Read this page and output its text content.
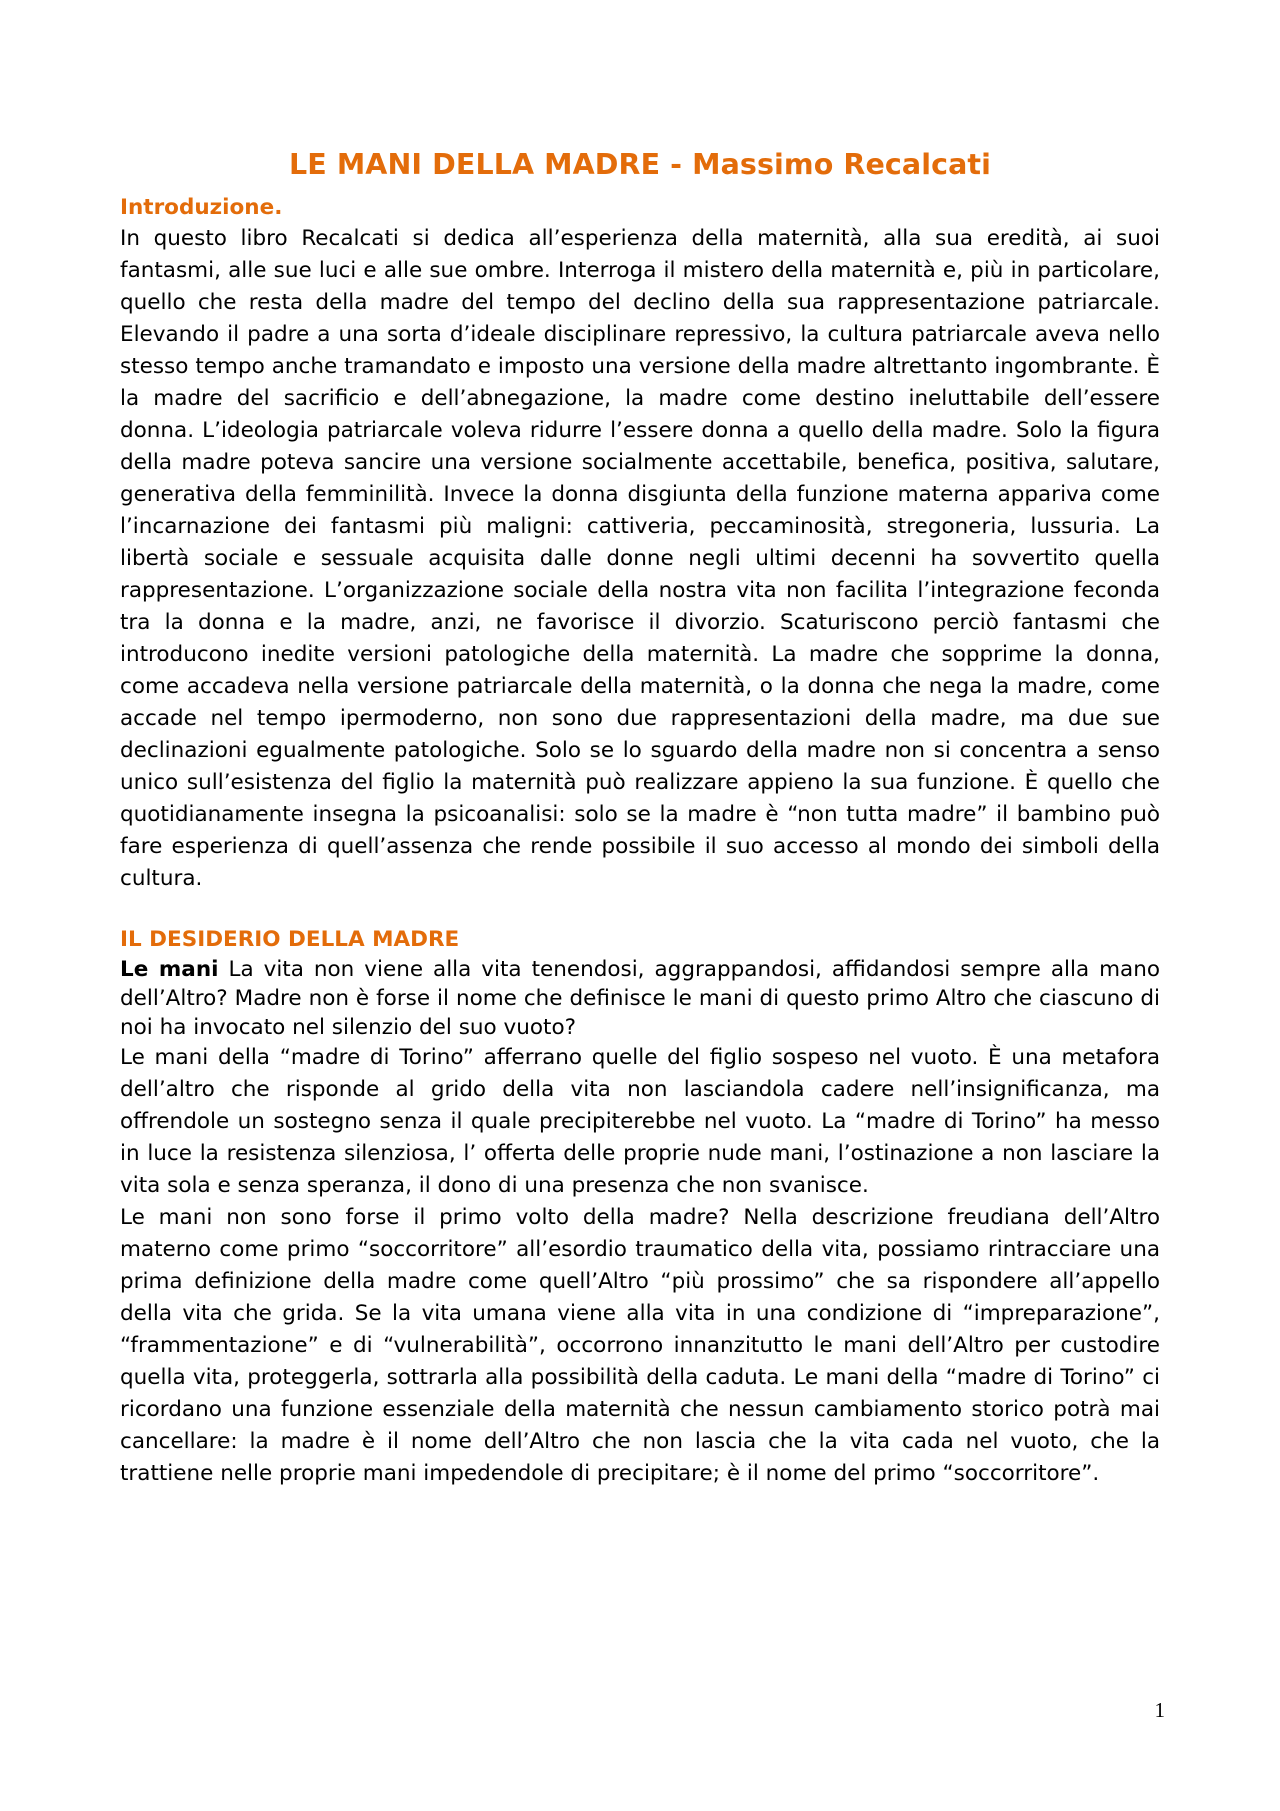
LE MANI DELLA MADRE - Massimo Recalcati
Introduzione.

In questo libro Recalcati si dedica all’esperienza della maternità, alla sua eredità, ai suoi fantasmi, alle sue luci e alle sue ombre. Interroga il mistero della maternità e, più in particolare, quello che resta della madre del tempo del declino della sua rappresentazione patriarcale. Elevando il padre a una sorta d’ideale disciplinare repressivo, la cultura patriarcale aveva nello stesso tempo anche tramandato e imposto una versione della madre altrettanto ingombrante. È la madre del sacrificio e dell’abnegazione, la madre come destino ineluttabile dell’essere donna. L’ideologia patriarcale voleva ridurre l’essere donna a quello della madre. Solo la figura della madre poteva sancire una versione socialmente accettabile, benefica, positiva, salutare, generativa della femminilità. Invece la donna disgiunta della funzione materna appariva come l’incarnazione dei fantasmi più maligni: cattiveria, peccaminosità, stregoneria, lussuria. La libertà sociale e sessuale acquisita dalle donne negli ultimi decenni ha sovvertito quella rappresentazione. L’organizzazione sociale della nostra vita non facilita l’integrazione feconda tra la donna e la madre, anzi, ne favorisce il divorzio. Scaturiscono perciò fantasmi che introducono inedite versioni patologiche della maternità. La madre che sopprime la donna, come accadeva nella versione patriarcale della maternità, o la donna che nega la madre, come accade nel tempo ipermoderno, non sono due rappresentazioni della madre, ma due sue declinazioni egualmente patologiche. Solo se lo sguardo della madre non si concentra a senso unico sull’esistenza del figlio la maternità può realizzare appieno la sua funzione. È quello che quotidianamente insegna la psicoanalisi: solo se la madre è “non tutta madre” il bambino può fare esperienza di quell’assenza che rende possibile il suo accesso al mondo dei simboli della cultura.

IL DESIDERIO DELLA MADRE

Le mani La vita non viene alla vita tenendosi, aggrappandosi, affidandosi sempre alla mano dell’Altro? Madre non è forse il nome che definisce le mani di questo primo Altro che ciascuno di noi ha invocato nel silenzio del suo vuoto?

Le mani della “madre di Torino” afferrano quelle del figlio sospeso nel vuoto. È una metafora dell’altro che risponde al grido della vita non lasciandola cadere nell’insignificanza, ma offrendole un sostegno senza il quale precipiterebbe nel vuoto. La “madre di Torino” ha messo in luce la resistenza silenziosa, l’ offerta delle proprie nude mani, l’ostinazione a non lasciare la vita sola e senza speranza, il dono di una presenza che non svanisce.

Le mani non sono forse il primo volto della madre? Nella descrizione freudiana dell’Altro materno come primo “soccorritore” all’esordio traumatico della vita, possiamo rintracciare una prima definizione della madre come quell’Altro “più prossimo” che sa rispondere all’appello della vita che grida. Se la vita umana viene alla vita in una condizione di “impreparazione”, “frammentazione” e di “vulnerabilità”, occorrono innanzitutto le mani dell’Altro per custodire quella vita, proteggerla, sottrarla alla possibilità della caduta. Le mani della “madre di Torino” ci ricordano una funzione essenziale della maternità che nessun cambiamento storico potrà mai cancellare: la madre è il nome dell’Altro che non lascia che la vita cada nel vuoto, che la trattiene nelle proprie mani impedendole di precipitare; è il nome del primo “soccorritore”.

1
